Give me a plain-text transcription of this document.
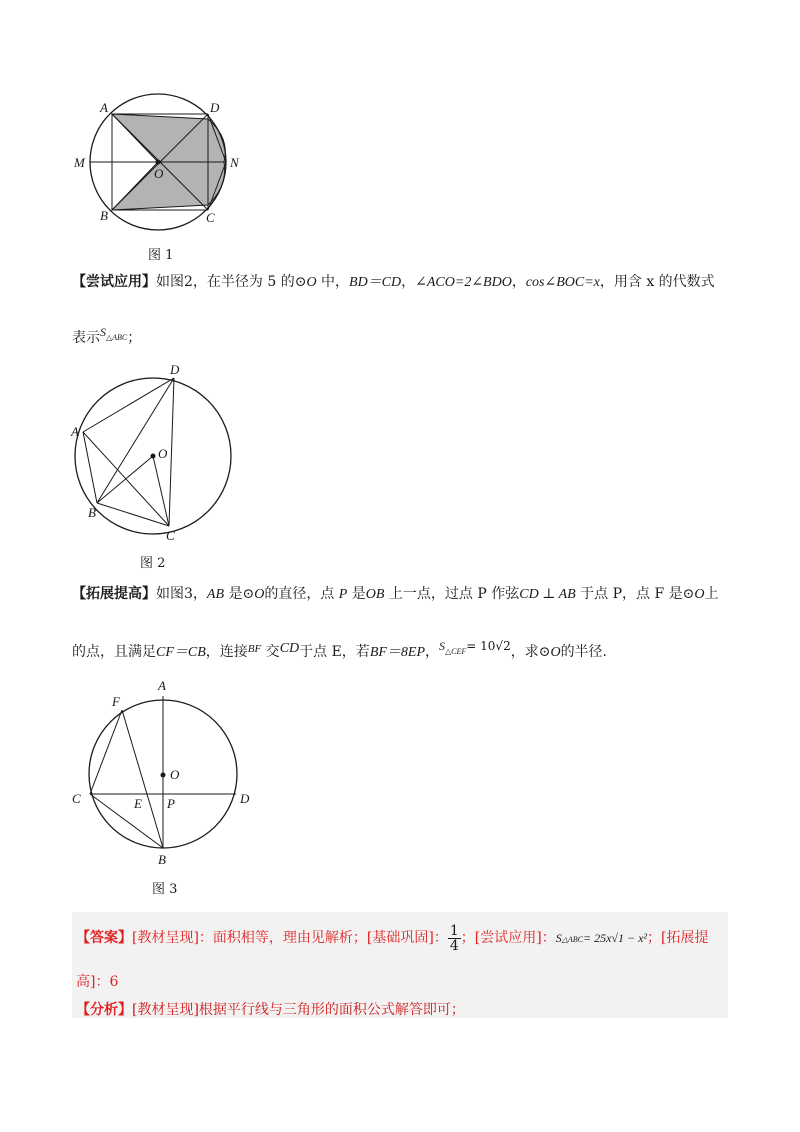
A	D
M	N
O
B	C
图 1
【尝试应用】如图2，在半径为 5 的⊙O 中，BD＝CD，∠ACO=2∠BDO，cos∠BOC=x，用含 x 的代数式
表示$S^{\triangle ABC}$；
D
A
O
B
C
图 2
【拓展提高】如图3，AB 是⊙O的直径，点 P 是OB 上一点，过点 P 作弦CD ⊥ AB 于点 P，点 F 是⊙O上
的点，且满足CF＝CB，连接$^{BF}$ 交CD于点 E，若BF＝8EP，$S^{\triangle CEF}= 10√2$，求⊙O的半径.
A
F
O
C	E P	D
B
图 3
【答案】[教材呈现]：面积相等，理由见解析；[基础巩固]： $\frac{1}{4}$ ；[尝试应用]：S△ABC= 25x√1 − x²；[拓展提
高]：6
【分析】[教材呈现]根据平行线与三角形的面积公式解答即可；
